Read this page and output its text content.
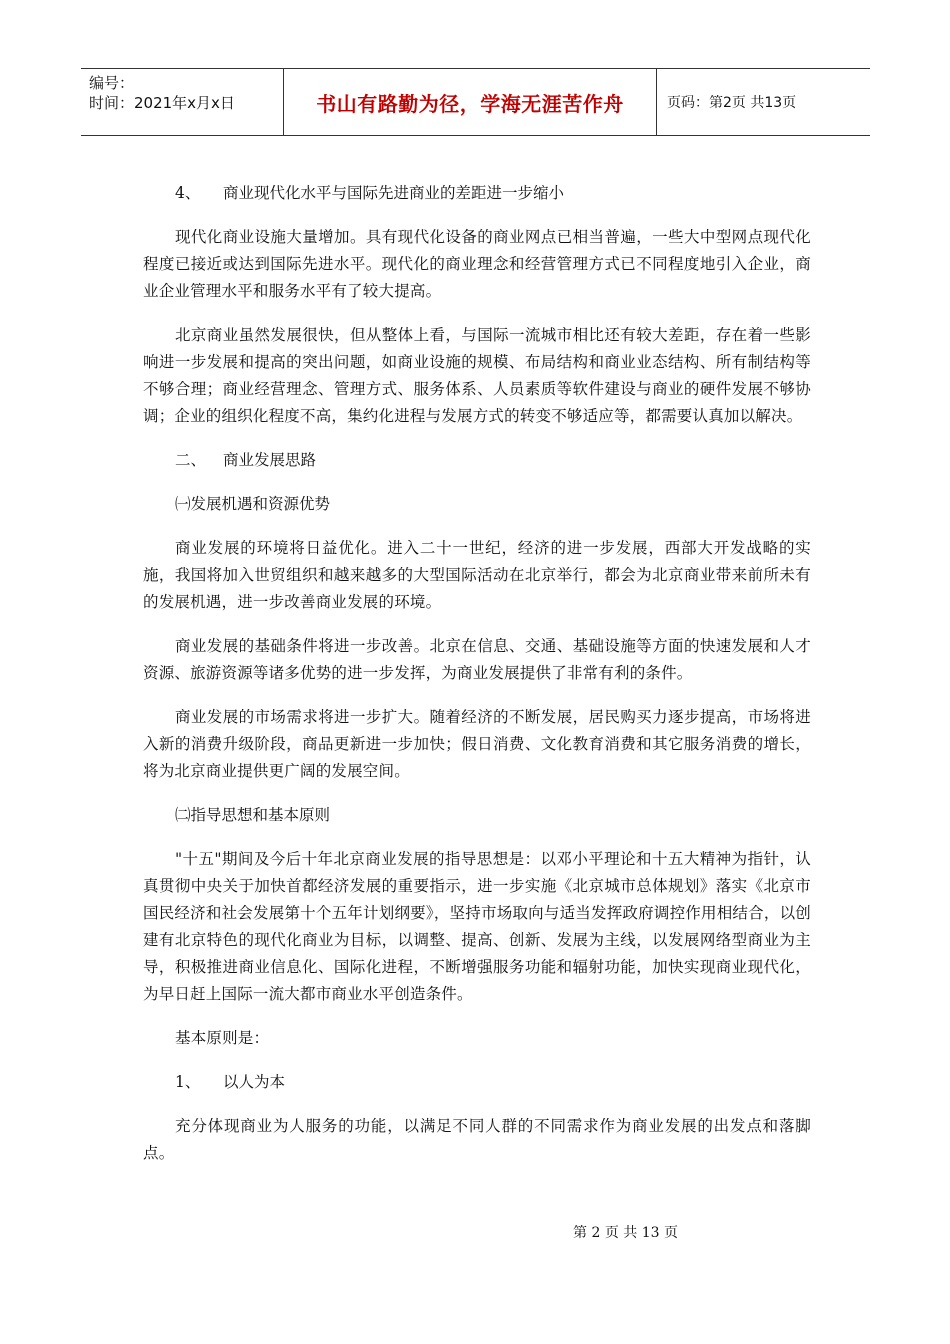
编号：
时间：2021年x月x日	书山有路勤为径，学海无涯苦作舟	页码：第2页 共13页
4、 商业现代化水平与国际先进商业的差距进一步缩小

现代化商业设施大量增加。具有现代化设备的商业网点已相当普遍，一些大中型网点现代化程度已接近或达到国际先进水平。现代化的商业理念和经营管理方式已不同程度地引入企业，商业企业管理水平和服务水平有了较大提高。

北京商业虽然发展很快，但从整体上看，与国际一流城市相比还有较大差距，存在着一些影响进一步发展和提高的突出问题，如商业设施的规模、布局结构和商业业态结构、所有制结构等不够合理；商业经营理念、管理方式、服务体系、人员素质等软件建设与商业的硬件发展不够协调；企业的组织化程度不高，集约化进程与发展方式的转变不够适应等，都需要认真加以解决。

二、 商业发展思路
㈠发展机遇和资源优势

商业发展的环境将日益优化。进入二十一世纪，经济的进一步发展，西部大开发战略的实施，我国将加入世贸组织和越来越多的大型国际活动在北京举行，都会为北京商业带来前所未有的发展机遇，进一步改善商业发展的环境。

商业发展的基础条件将进一步改善。北京在信息、交通、基础设施等方面的快速发展和人才资源、旅游资源等诸多优势的进一步发挥，为商业发展提供了非常有利的条件。

商业发展的市场需求将进一步扩大。随着经济的不断发展，居民购买力逐步提高，市场将进入新的消费升级阶段，商品更新进一步加快；假日消费、文化教育消费和其它服务消费的增长，将为北京商业提供更广阔的发展空间。

㈡指导思想和基本原则

"十五"期间及今后十年北京商业发展的指导思想是：以邓小平理论和十五大精神为指针，认真贯彻中央关于加快首都经济发展的重要指示，进一步实施《北京城市总体规划》落实《北京市国民经济和社会发展第十个五年计划纲要》，坚持市场取向与适当发挥政府调控作用相结合，以创建有北京特色的现代化商业为目标，以调整、提高、创新、发展为主线，以发展网络型商业为主导，积极推进商业信息化、国际化进程，不断增强服务功能和辐射功能，加快实现商业现代化，为早日赶上国际一流大都市商业水平创造条件。

基本原则是：

1、 以人为本

充分体现商业为人服务的功能，以满足不同人群的不同需求作为商业发展的出发点和落脚点。

第 2 页 共 13 页
